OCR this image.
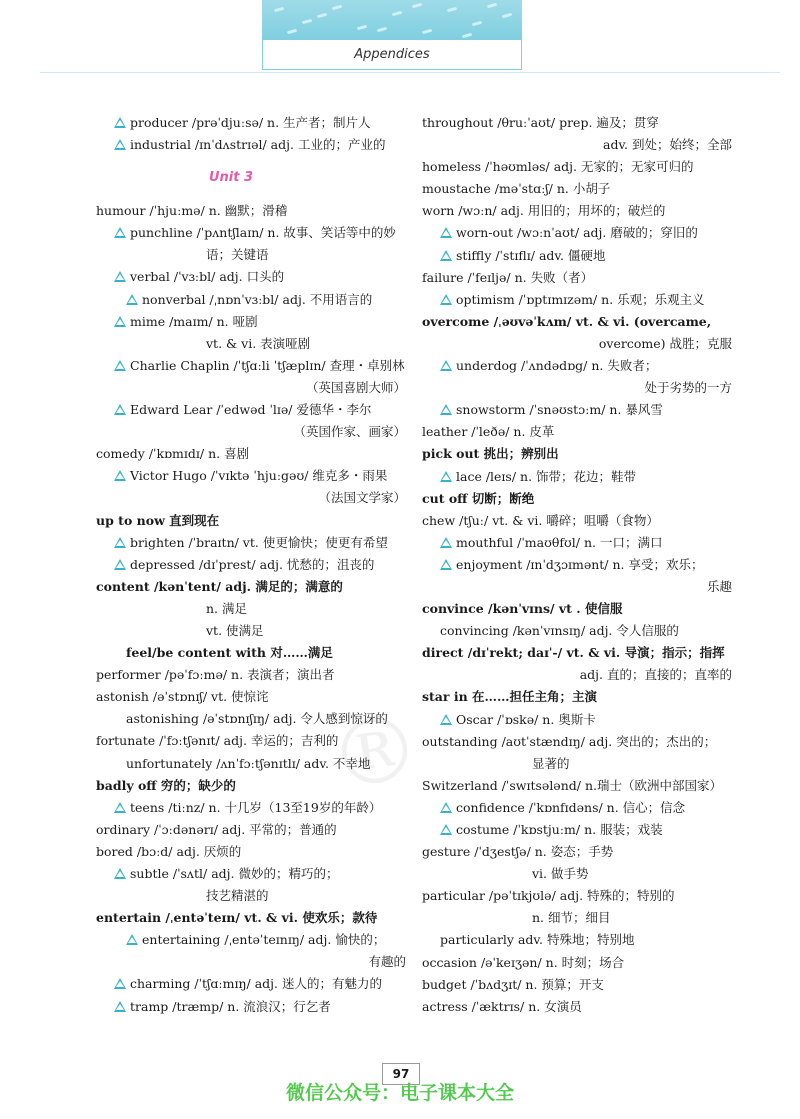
Appendices
®
producer /prəˈdjuːsə/ n. 生产者；制片人
industrial /ɪnˈdʌstrɪəl/ adj. 工业的；产业的
Unit 3
humour /ˈhjuːmə/ n. 幽默；滑稽
punchline /ˈpʌntʃlaɪn/ n. 故事、笑话等中的妙
语；关键语
verbal /ˈvɜːbl/ adj. 口头的
nonverbal /ˌnɒnˈvɜːbl/ adj. 不用语言的
mime /maɪm/ n. 哑剧
vt. & vi. 表演哑剧
Charlie Chaplin /ˈtʃɑːli ˈtʃæplɪn/ 查理・卓别林
（英国喜剧大师）
Edward Lear /ˈedwəd ˈlɪə/ 爱德华・李尔
（英国作家、画家）
comedy /ˈkɒmɪdɪ/ n. 喜剧
Victor Hugo /ˈvɪktə ˈhjuːgəʊ/ 维克多・雨果
（法国文学家）
up to now 直到现在
brighten /ˈbraɪtn/ vt. 使更愉快；使更有希望
depressed /dɪˈprest/ adj. 忧愁的；沮丧的
content /kənˈtent/ adj. 满足的；满意的
n. 满足
vt. 使满足
feel/be content with 对……满足
performer /pəˈfɔːmə/ n. 表演者；演出者
astonish /əˈstɒnɪʃ/ vt. 使惊诧
astonishing /əˈstɒnɪʃɪŋ/ adj. 令人感到惊讶的
fortunate /ˈfɔːtʃənɪt/ adj. 幸运的；吉利的
unfortunately /ʌnˈfɔːtʃənɪtlɪ/ adv. 不幸地
badly off 穷的；缺少的
teens /tiːnz/ n. 十几岁（13至19岁的年龄）
ordinary /ˈɔːdənərɪ/ adj. 平常的；普通的
bored /bɔːd/ adj. 厌烦的
subtle /ˈsʌtl/ adj. 微妙的；精巧的；
技艺精湛的
entertain /ˌentəˈteɪn/ vt. & vi. 使欢乐；款待
entertaining /ˌentəˈteɪnɪŋ/ adj. 愉快的；
有趣的
charming /ˈtʃɑːmɪŋ/ adj. 迷人的；有魅力的
tramp /træmp/ n. 流浪汉；行乞者
throughout /θruːˈaʊt/ prep. 遍及；贯穿
adv. 到处；始终；全部
homeless /ˈhəʊmləs/ adj. 无家的；无家可归的
moustache /məˈstɑːʃ/ n. 小胡子
worn /wɔːn/ adj. 用旧的；用坏的；破烂的
worn-out /wɔːnˈaʊt/ adj. 磨破的；穿旧的
stiffly /ˈstɪflɪ/ adv. 僵硬地
failure /ˈfeɪljə/ n. 失败（者）
optimism /ˈɒptɪmɪzəm/ n. 乐观；乐观主义
overcome /ˌəʊvəˈkʌm/ vt. & vi. (overcame,
overcome) 战胜；克服
underdog /ˈʌndədɒg/ n. 失败者；
处于劣势的一方
snowstorm /ˈsnəʊstɔːm/ n. 暴风雪
leather /ˈleðə/ n. 皮革
pick out 挑出；辨别出
lace /leɪs/ n. 饰带；花边；鞋带
cut off 切断；断绝
chew /tʃuː/ vt. & vi. 嚼碎；咀嚼（食物）
mouthful /ˈmaʊθfʊl/ n. 一口；满口
enjoyment /ɪnˈdʒɔɪmənt/ n. 享受；欢乐；
乐趣
convince /kənˈvɪns/ vt . 使信服
convincing /kənˈvɪnsɪŋ/ adj. 令人信服的
direct /dɪˈrekt; daɪˈ-/ vt. & vi. 导演；指示；指挥
adj. 直的；直接的；直率的
star in 在……担任主角；主演
Oscar /ˈɒskə/ n. 奥斯卡
outstanding /aʊtˈstændɪŋ/ adj. 突出的；杰出的；
显著的
Switzerland /ˈswɪtsələnd/ n.瑞士（欧洲中部国家）
confidence /ˈkɒnfɪdəns/ n. 信心；信念
costume /ˈkɒstjuːm/ n. 服装；戏装
gesture /ˈdʒestʃə/ n. 姿态；手势
vi. 做手势
particular /pəˈtɪkjʊlə/ adj. 特殊的；特别的
n. 细节；细目
particularly adv. 特殊地；特别地
occasion /əˈkeɪʒən/ n. 时刻；场合
budget /ˈbʌdʒɪt/ n. 预算；开支
actress /ˈæktrɪs/ n. 女演员
97
微信公众号：电子课本大全
